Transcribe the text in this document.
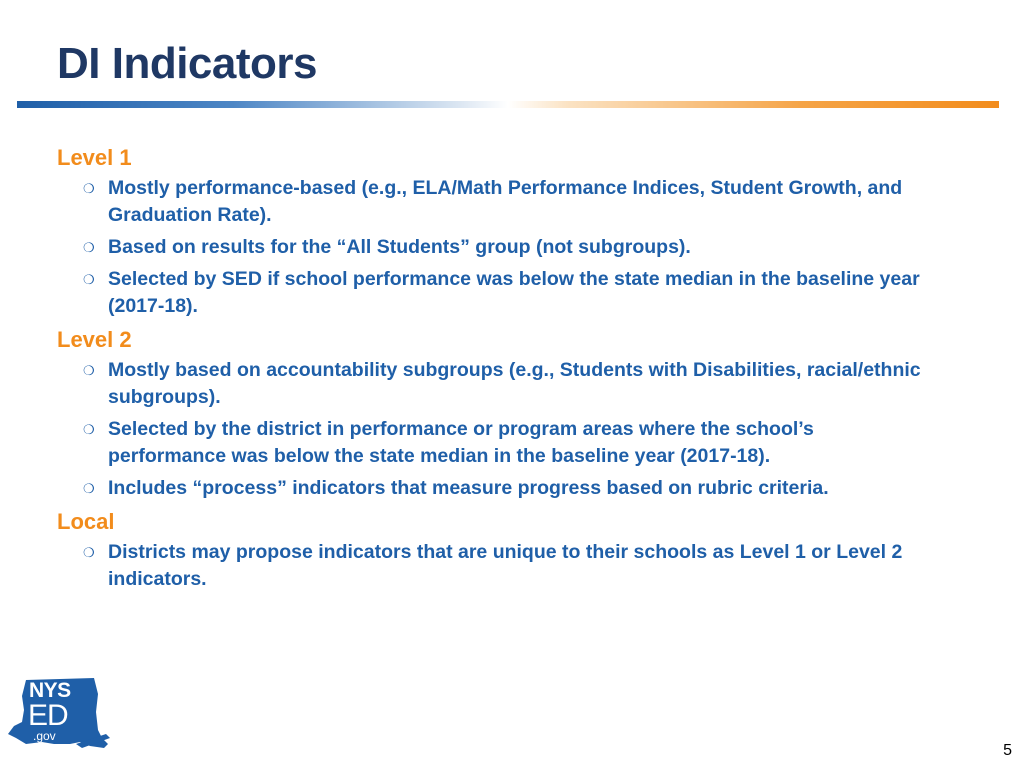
DI Indicators
Level 1
❍ Mostly performance-based (e.g., ELA/Math Performance Indices, Student Growth, and Graduation Rate).
❍ Based on results for the “All Students” group (not subgroups).
❍ Selected by SED if school performance was below the state median in the baseline year (2017-18).
Level 2
❍ Mostly based on accountability subgroups (e.g., Students with Disabilities, racial/ethnic subgroups).
❍ Selected by the district in performance or program areas where the school’s performance was below the state median in the baseline year (2017-18).
❍ Includes “process” indicators that measure progress based on rubric criteria.
Local
❍ Districts may propose indicators that are unique to their schools as Level 1 or Level 2 indicators.
NYS
ED
.gov
5
